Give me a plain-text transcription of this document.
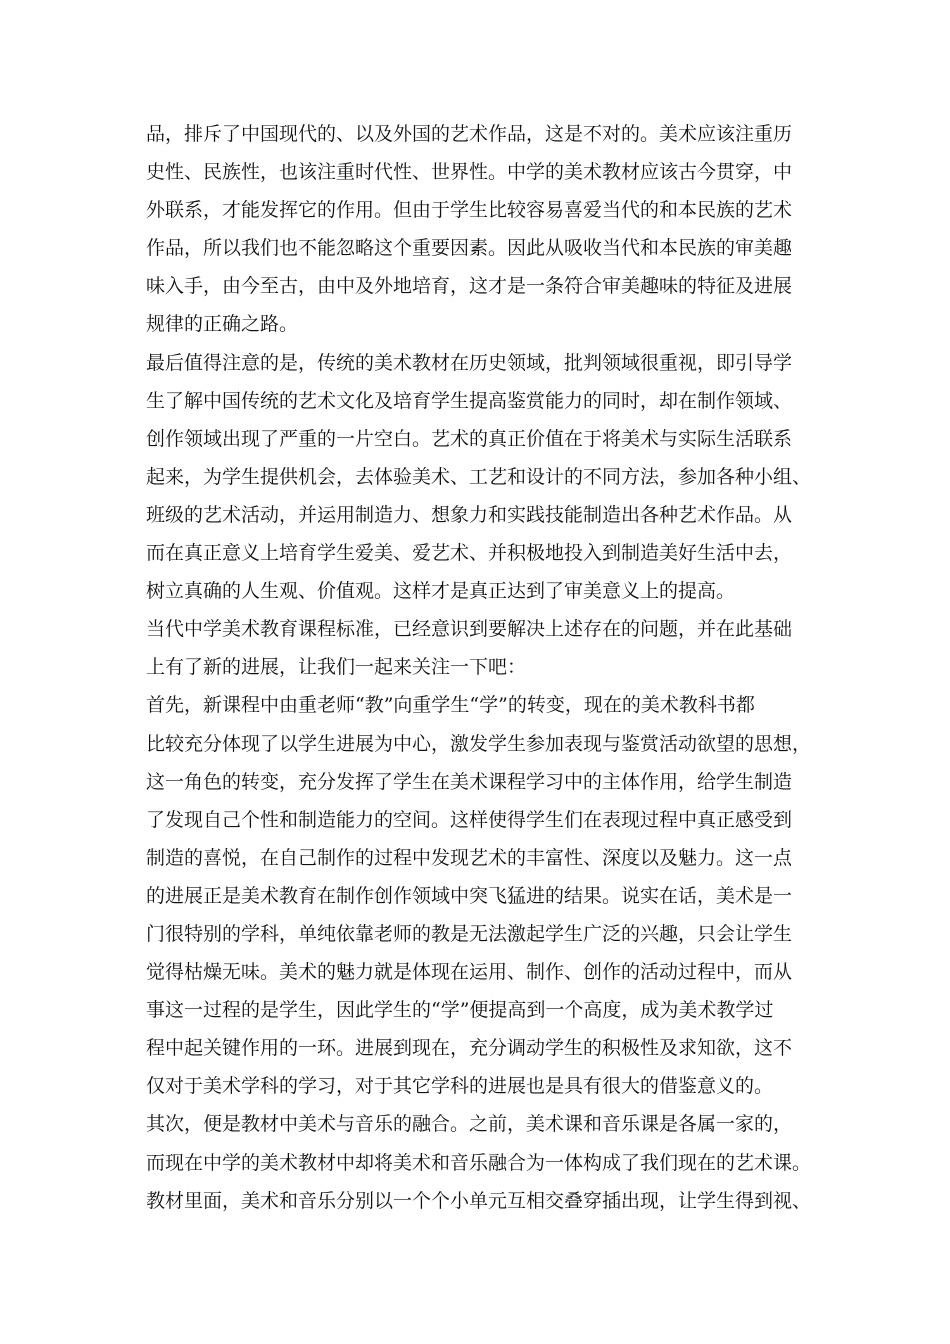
品，排斥了中国现代的、以及外国的艺术作品，这是不对的。美术应该注重历
史性、民族性，也该注重时代性、世界性。中学的美术教材应该古今贯穿，中
外联系，才能发挥它的作用。但由于学生比较容易喜爱当代的和本民族的艺术
作品，所以我们也不能忽略这个重要因素。因此从吸收当代和本民族的审美趣
味入手，由今至古，由中及外地培育，这才是一条符合审美趣味的特征及进展
规律的正确之路。
最后值得注意的是，传统的美术教材在历史领域，批判领域很重视，即引导学
生了解中国传统的艺术文化及培育学生提高鉴赏能力的同时，却在制作领域、
创作领域出现了严重的一片空白。艺术的真正价值在于将美术与实际生活联系
起来，为学生提供机会，去体验美术、工艺和设计的不同方法，参加各种小组、
班级的艺术活动，并运用制造力、想象力和实践技能制造出各种艺术作品。从
而在真正意义上培育学生爱美、爱艺术、并积极地投入到制造美好生活中去，
树立真确的人生观、价值观。这样才是真正达到了审美意义上的提高。
当代中学美术教育课程标准，已经意识到要解决上述存在的问题，并在此基础
上有了新的进展，让我们一起来关注一下吧：
首先，新课程中由重老师“教”向重学生“学”的转变，现在的美术教科书都
比较充分体现了以学生进展为中心，激发学生参加表现与鉴赏活动欲望的思想，
这一角色的转变，充分发挥了学生在美术课程学习中的主体作用，给学生制造
了发现自己个性和制造能力的空间。这样使得学生们在表现过程中真正感受到
制造的喜悦，在自己制作的过程中发现艺术的丰富性、深度以及魅力。这一点
的进展正是美术教育在制作创作领域中突飞猛进的结果。说实在话，美术是一
门很特别的学科，单纯依靠老师的教是无法激起学生广泛的兴趣，只会让学生
觉得枯燥无味。美术的魅力就是体现在运用、制作、创作的活动过程中，而从
事这一过程的是学生，因此学生的“学”便提高到一个高度，成为美术教学过
程中起关键作用的一环。进展到现在，充分调动学生的积极性及求知欲，这不
仅对于美术学科的学习，对于其它学科的进展也是具有很大的借鉴意义的。
其次，便是教材中美术与音乐的融合。之前，美术课和音乐课是各属一家的，
而现在中学的美术教材中却将美术和音乐融合为一体构成了我们现在的艺术课。
教材里面，美术和音乐分别以一个个小单元互相交叠穿插出现，让学生得到视、
